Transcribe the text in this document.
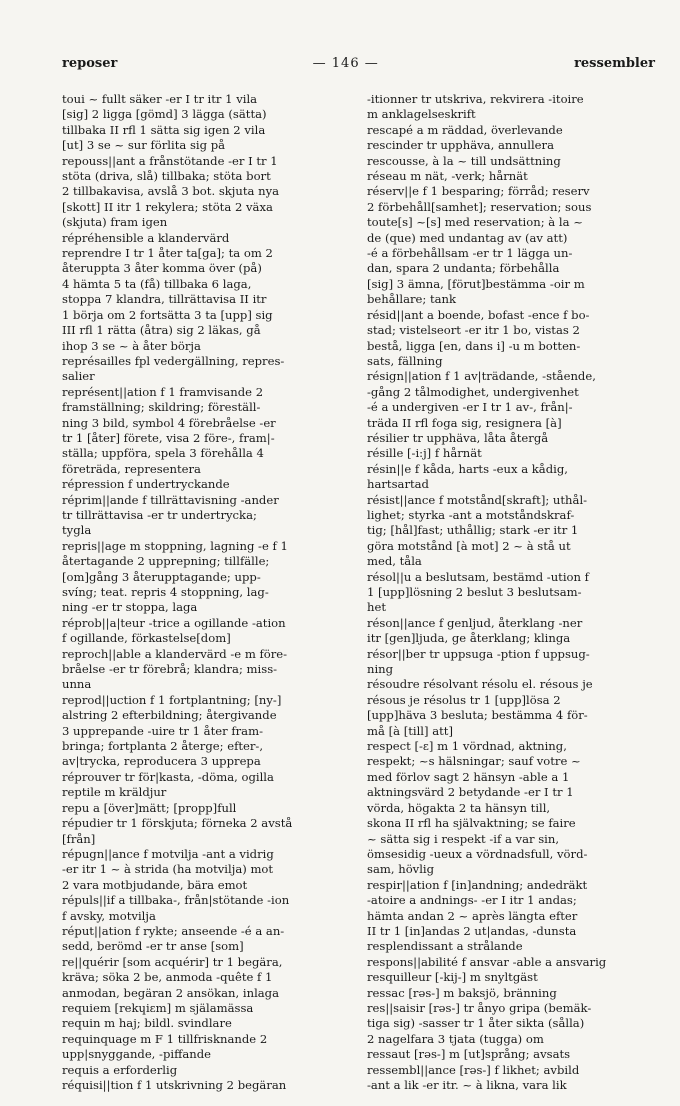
reposer	— 146 —	ressembler

toui ~ fullt säker -er I tr itr 1 vila

[sig] 2 ligga [gömd] 3 lägga (sätta)

tillbaka II rfl 1 sätta sig igen 2 vila

[ut] 3 se ~ sur förlita sig på

repouss||ant a frånstötande -er I tr 1

stöta (driva, slå) tillbaka; stöta bort

2 tillbakavisa, avslå 3 bot. skjuta nya

[skott] II itr 1 rekylera; stöta 2 växa

(skjuta) fram igen

répréhensible a klandervärd

reprendre I tr 1 åter ta[ga]; ta om 2

återuppta 3 åter komma över (på)

4 hämta 5 ta (få) tillbaka 6 laga,

stoppa 7 klandra, tillrättavisa II itr

1 börja om 2 fortsätta 3 ta [upp] sig

III rfl 1 rätta (åtra) sig 2 läkas, gå

ihop 3 se ~ à åter börja

représailles fpl vedergällning, repres-

salier

représent||ation f 1 framvisande 2

framställning; skildring; föreställ-

ning 3 bild, symbol 4 förebråelse -er

tr 1 [åter] företе, visa 2 före-, fram|-

ställa; uppföra, spela 3 förehålla 4

företräda, representera

répression f undertryckande

réprim||ande f tillrättavisning -ander

tr tillrättavisa -er tr undertrycka;

tygla

repris||age m stoppning, lagning -e f 1

återtagande 2 upprepning; tillfälle;

[om]gång 3 återupptagande; upp-

svíng; teat. repris 4 stoppning, lag-

ning -er tr stoppa, laga

réprob||a|teur -trice a ogillande -ation

f ogillande, förkastelse[dom]

reproch||able a klandervärd -e m före-

bråelse -er tr förebrå; klandra; miss-

unna

reprod||uction f 1 fortplantning; [ny-]

alstring 2 efterbildning; återgivande

3 upprepande -uire tr 1 åter fram-

bringa; fortplanta 2 återge; efter-,

av|trycka, reproducera 3 upprepa

réprouver tr för|kasta, -döma, ogilla

reptile m kräldjur

repu a [över]mätt; [propp]full

répudier tr 1 förskjuta; förneka 2 avstå

[från]

répugn||ance f motvilja -ant a vidrig

-er itr 1 ~ à strida (ha motvilja) mot

2 vara motbjudande, bära emot

répuls||if a tillbaka-, från|stötande -ion

f avsky, motvilja

réput||ation f rykte; anseende -é a an-

sedd, berömd -er tr anse [som]

re||quérir [som acquérir] tr 1 begära,

kräva; söka 2 be, anmoda -quête f 1

anmodan, begäran 2 ansökan, inlaga

requiem [rekɥiɛm] m själamässa

requin m haj; bildl. svindlare

requinquage m F 1 tillfrisknande 2

upp|snyggande, -piffande

requis a erforderlig

réquisi||tion f 1 utskrivning 2 begäran

-itionner tr utskriva, rekvirera -itoire

m anklagelseskrift

rescapé a m räddad, överlevande

rescinder tr upphäva, annullera

rescousse, à la ~ till undsättning

réseau m nät, -verk; hårnät

réserv||e f 1 besparing; förråd; reserv

2 förbehåll[samhet]; reservation; sous

toute[s] ~[s] med reservation; à la ~

de (que) med undantag av (av att)

-é a förbehållsam -er tr 1 lägga un-

dan, spara 2 undanta; förbehålla

[sig] 3 ämna, [förut]bestämma -oir m

behållare; tank

résid||ant a boende, bofast -ence f bo-

stad; vistelseort -er itr 1 bo, vistas 2

bestå, ligga [en, dans i] -u m botten-

sats, fällning

résign||ation f 1 av|trädande, -stående,

-gång 2 tålmodighet, undergivenhet

-é a undergiven -er I tr 1 av-, från|-

träda II rfl foga sig, resignera [à]

résilier tr upphäva, låta återgå

résille [-i:j] f hårnät

résin||e f kåda, harts -eux a kådig,

hartsartad

résist||ance f motstånd[skraft]; uthål-

lighet; styrka -ant a motståndskraf-

tig; [hål]fast; uthållig; stark -er itr 1

göra motstånd [à mot] 2 ~ à stå ut

med, tåla

résol||u a beslutsam, bestämd -ution f

1 [upp]lösning 2 beslut 3 beslutsam-

het

réson||ance f genljud, återklang -ner

itr [gen]ljuda, ge återklang; klinga

résor||ber tr uppsuga -ption f uppsug-

ning

résoudre résolvant résolu el. résous je

résous je résolus tr 1 [upp]lösa 2

[upp]häva 3 besluta; bestämma 4 för-

må [à [till] att]

respect [-ɛ] m 1 vördnad, aktning,

respekt; ~s hälsningar; sauf votre ~

med förlov sagt 2 hänsyn -able a 1

aktningsvärd 2 betydande -er I tr 1

vörda, högakta 2 ta hänsyn till,

skona II rfl ha självaktning; se faire

~ sätta sig i respekt -if a var sin,

ömsesidig -ueux a vördnadsfull, vörd-

sam, hövlig

respir||ation f [in]andning; andedräkt

-atoire a andnings- -er I itr 1 andas;

hämta andan 2 ~ après längta efter

II tr 1 [in]andas 2 ut|andas, -dunsta

resplendissant a strålande

respons||abilité f ansvar -able a ansvarig

resquilleur [-kij-] m snyltgäst

ressac [rəs-] m baksjö, bränning

res||saisir [rəs-] tr ånyo gripa (bemäk-

tiga sig) -sasser tr 1 åter sikta (sålla)

2 nagelfara 3 tjata (tugga) om

ressaut [rəs-] m [ut]språng; avsats

ressembl||ance [rəs-] f likhet; avbild

-ant a lik -er itr. ~ à likna, vara lik
